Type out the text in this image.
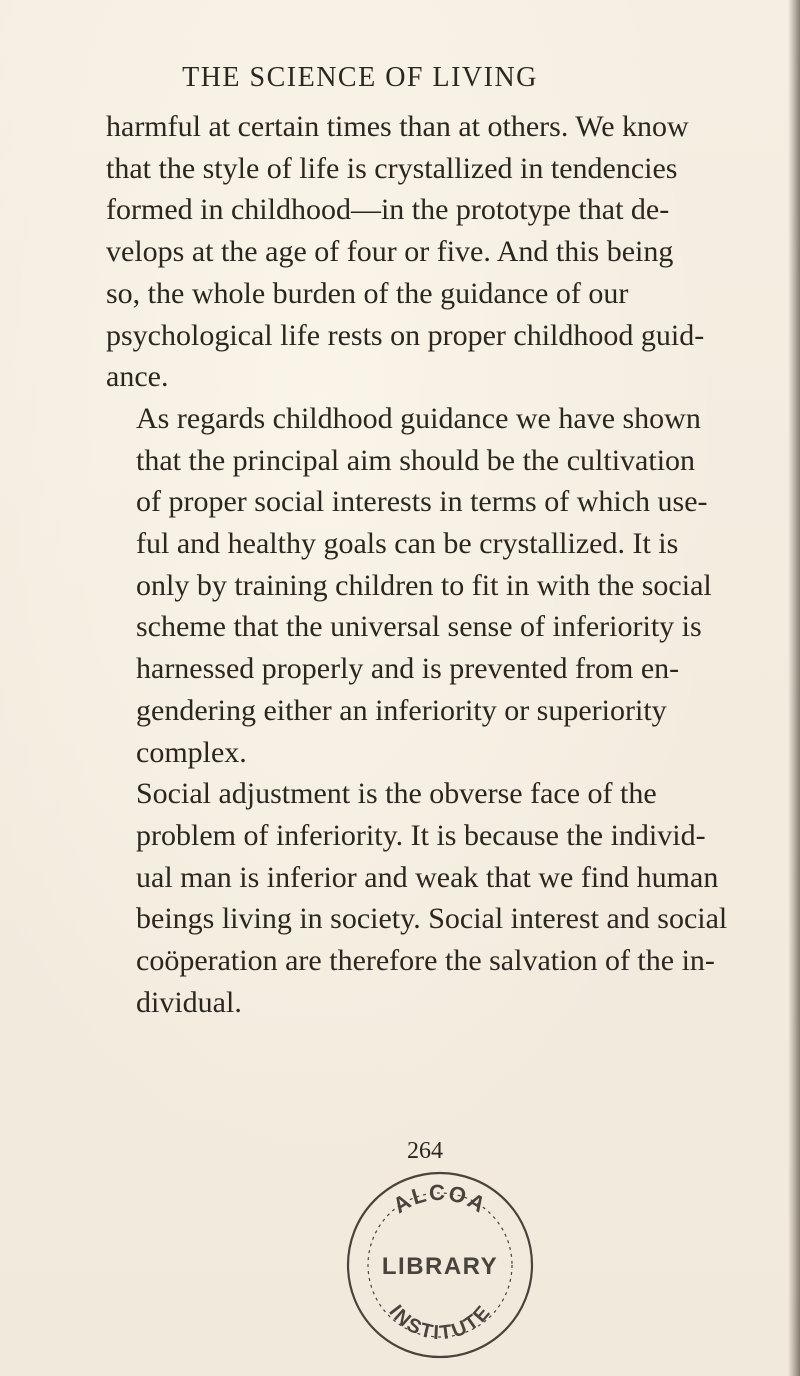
THE SCIENCE OF LIVING

harmful at certain times than at others. We know
that the style of life is crystallized in tendencies
formed in childhood—in the prototype that de-
velops at the age of four or five. And this being
so, the whole burden of the guidance of our
psychological life rests on proper childhood guid-
ance.

As regards childhood guidance we have shown
that the principal aim should be the cultivation
of proper social interests in terms of which use-
ful and healthy goals can be crystallized. It is
only by training children to fit in with the social
scheme that the universal sense of inferiority is
harnessed properly and is prevented from en-
gendering either an inferiority or superiority
complex.

Social adjustment is the obverse face of the
problem of inferiority. It is because the individ-
ual man is inferior and weak that we find human
beings living in society. Social interest and social
coöperation are therefore the salvation of the in-
dividual.

264
ALCOA
INSTITUTE
LIBRARY
